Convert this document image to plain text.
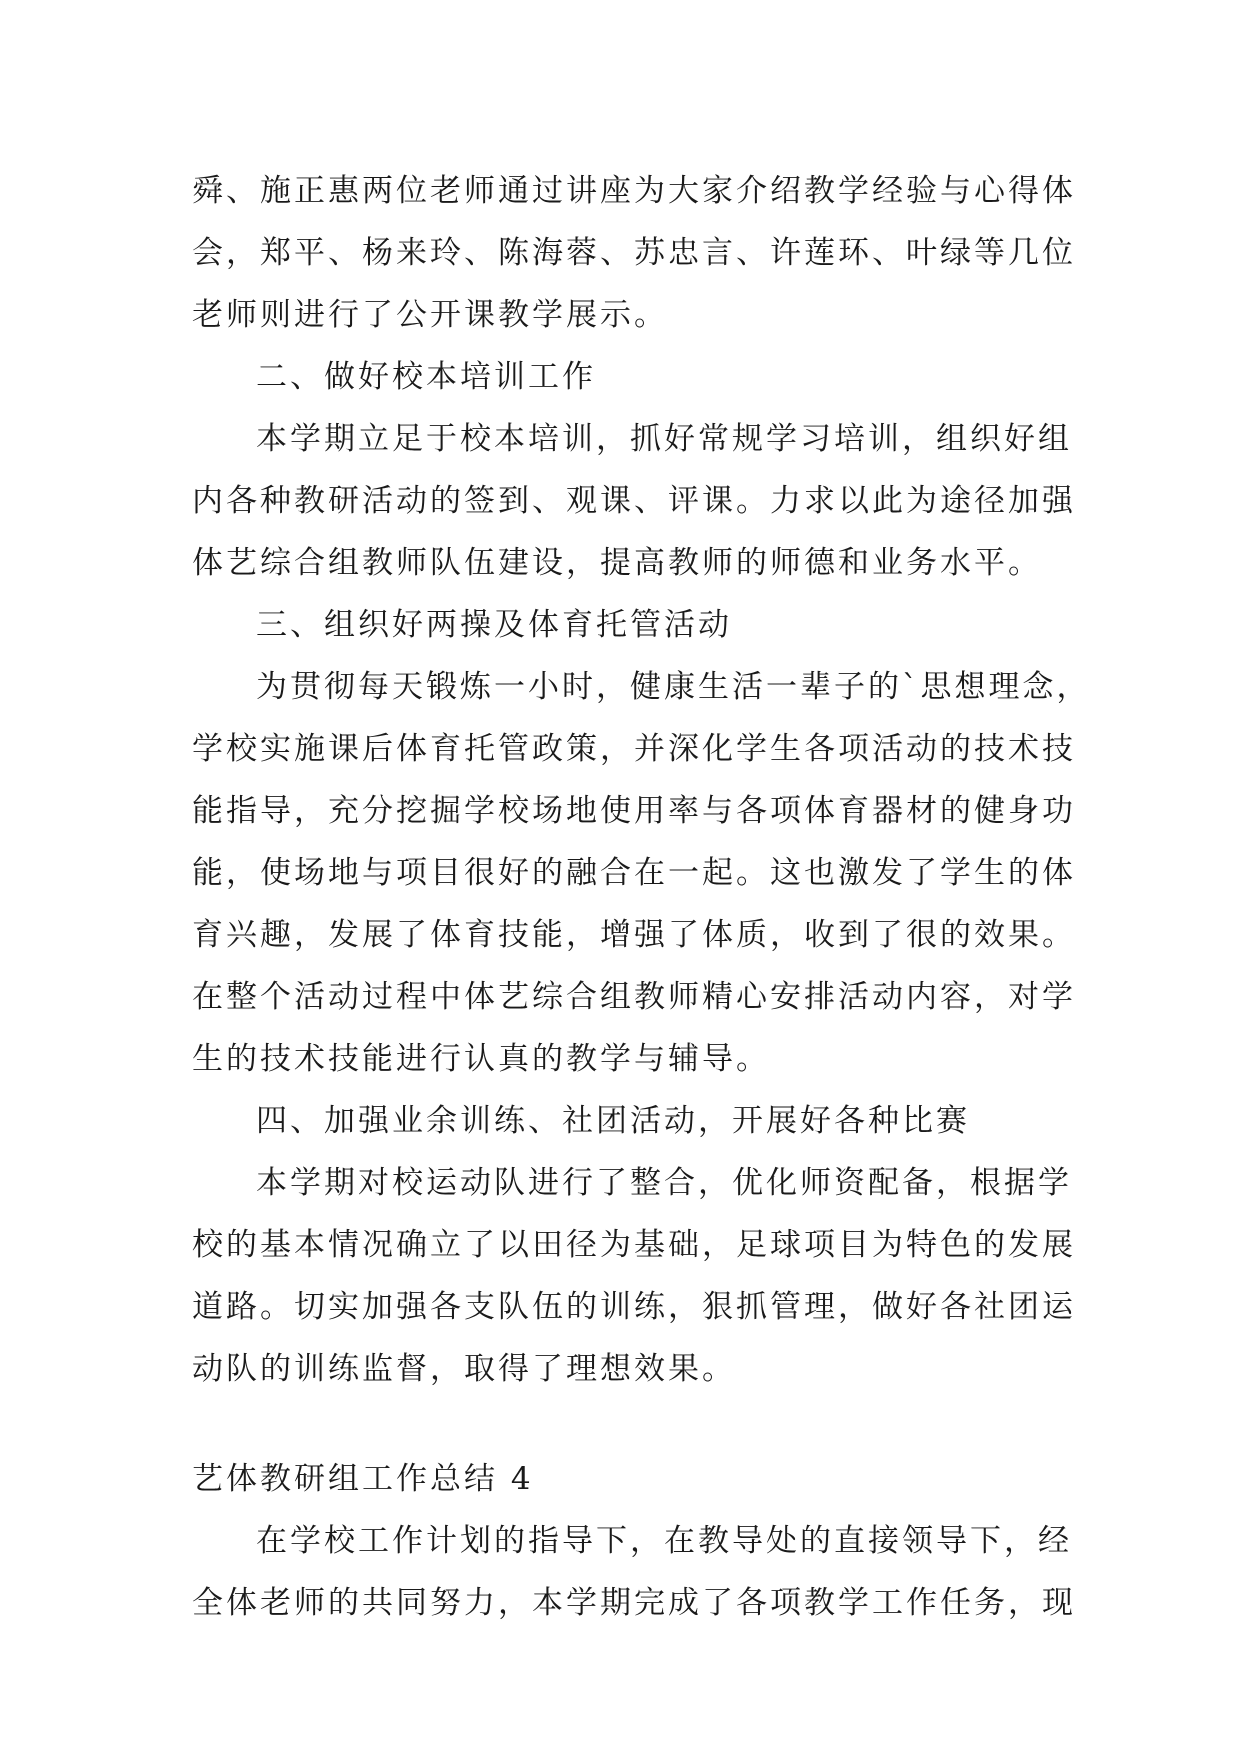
舜、施正惠两位老师通过讲座为大家介绍教学经验与心得体
会，郑平、杨来玲、陈海蓉、苏忠言、许莲环、叶绿等几位
老师则进行了公开课教学展示。
二、做好校本培训工作
本学期立足于校本培训，抓好常规学习培训，组织好组
内各种教研活动的签到、观课、评课。力求以此为途径加强
体艺综合组教师队伍建设，提高教师的师德和业务水平。
三、组织好两操及体育托管活动
为贯彻每天锻炼一小时，健康生活一辈子的`思想理念，
学校实施课后体育托管政策，并深化学生各项活动的技术技
能指导，充分挖掘学校场地使用率与各项体育器材的健身功
能，使场地与项目很好的融合在一起。这也激发了学生的体
育兴趣，发展了体育技能，增强了体质，收到了很的效果。
在整个活动过程中体艺综合组教师精心安排活动内容，对学
生的技术技能进行认真的教学与辅导。
四、加强业余训练、社团活动，开展好各种比赛
本学期对校运动队进行了整合，优化师资配备，根据学
校的基本情况确立了以田径为基础，足球项目为特色的发展
道路。切实加强各支队伍的训练，狠抓管理，做好各社团运
动队的训练监督，取得了理想效果。
艺体教研组工作总结 4
在学校工作计划的指导下，在教导处的直接领导下，经
全体老师的共同努力，本学期完成了各项教学工作任务，现
